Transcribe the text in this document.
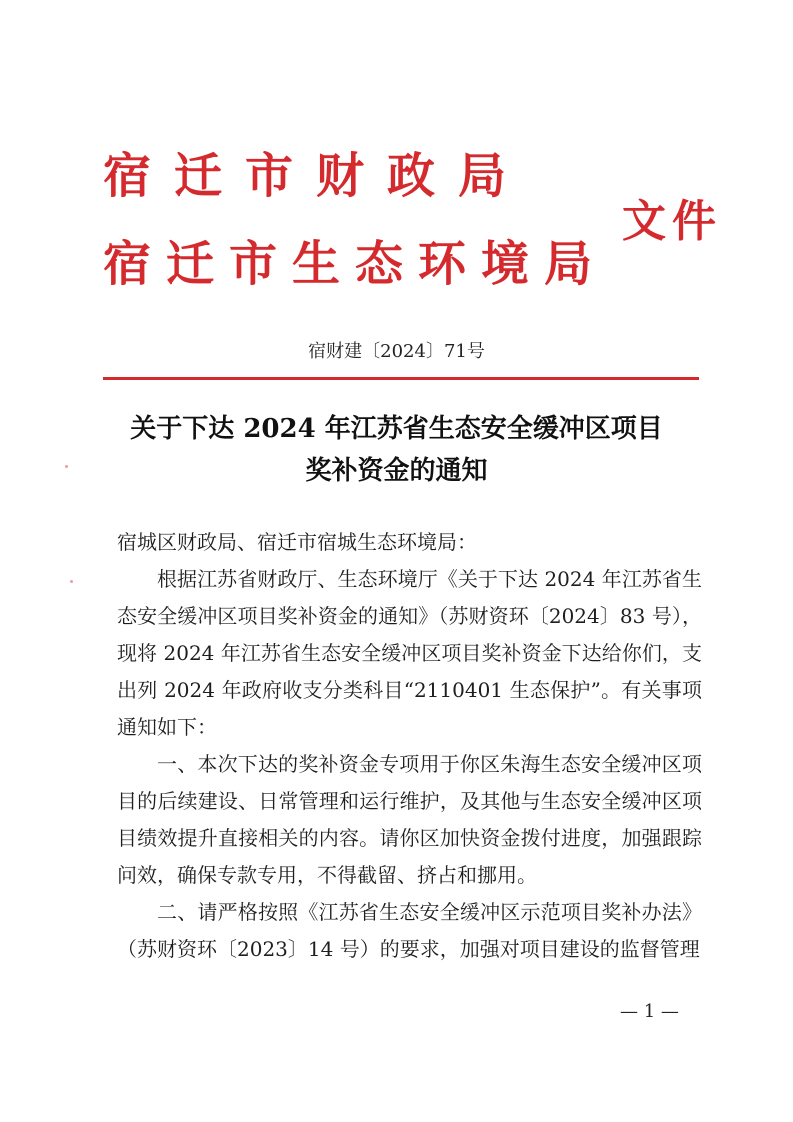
宿迁市财政局
宿迁市生态环境局
文件
宿财建〔2024〕71号
关于下达 2024 年江苏省生态安全缓冲区项目
奖补资金的通知

宿城区财政局、宿迁市宿城生态环境局：

根据江苏省财政厅、生态环境厅《关于下达 2024 年江苏省生态安全缓冲区项目奖补资金的通知》（苏财资环〔2024〕83 号），现将 2024 年江苏省生态安全缓冲区项目奖补资金下达给你们，支出列 2024 年政府收支分类科目“2110401 生态保护”。有关事项通知如下：

一、本次下达的奖补资金专项用于你区朱海生态安全缓冲区项目的后续建设、日常管理和运行维护，及其他与生态安全缓冲区项目绩效提升直接相关的内容。请你区加快资金拨付进度，加强跟踪问效，确保专款专用，不得截留、挤占和挪用。

二、请严格按照《江苏省生态安全缓冲区示范项目奖补办法》（苏财资环〔2023〕14 号）的要求，加强对项目建设的监督管理

— 1 —
